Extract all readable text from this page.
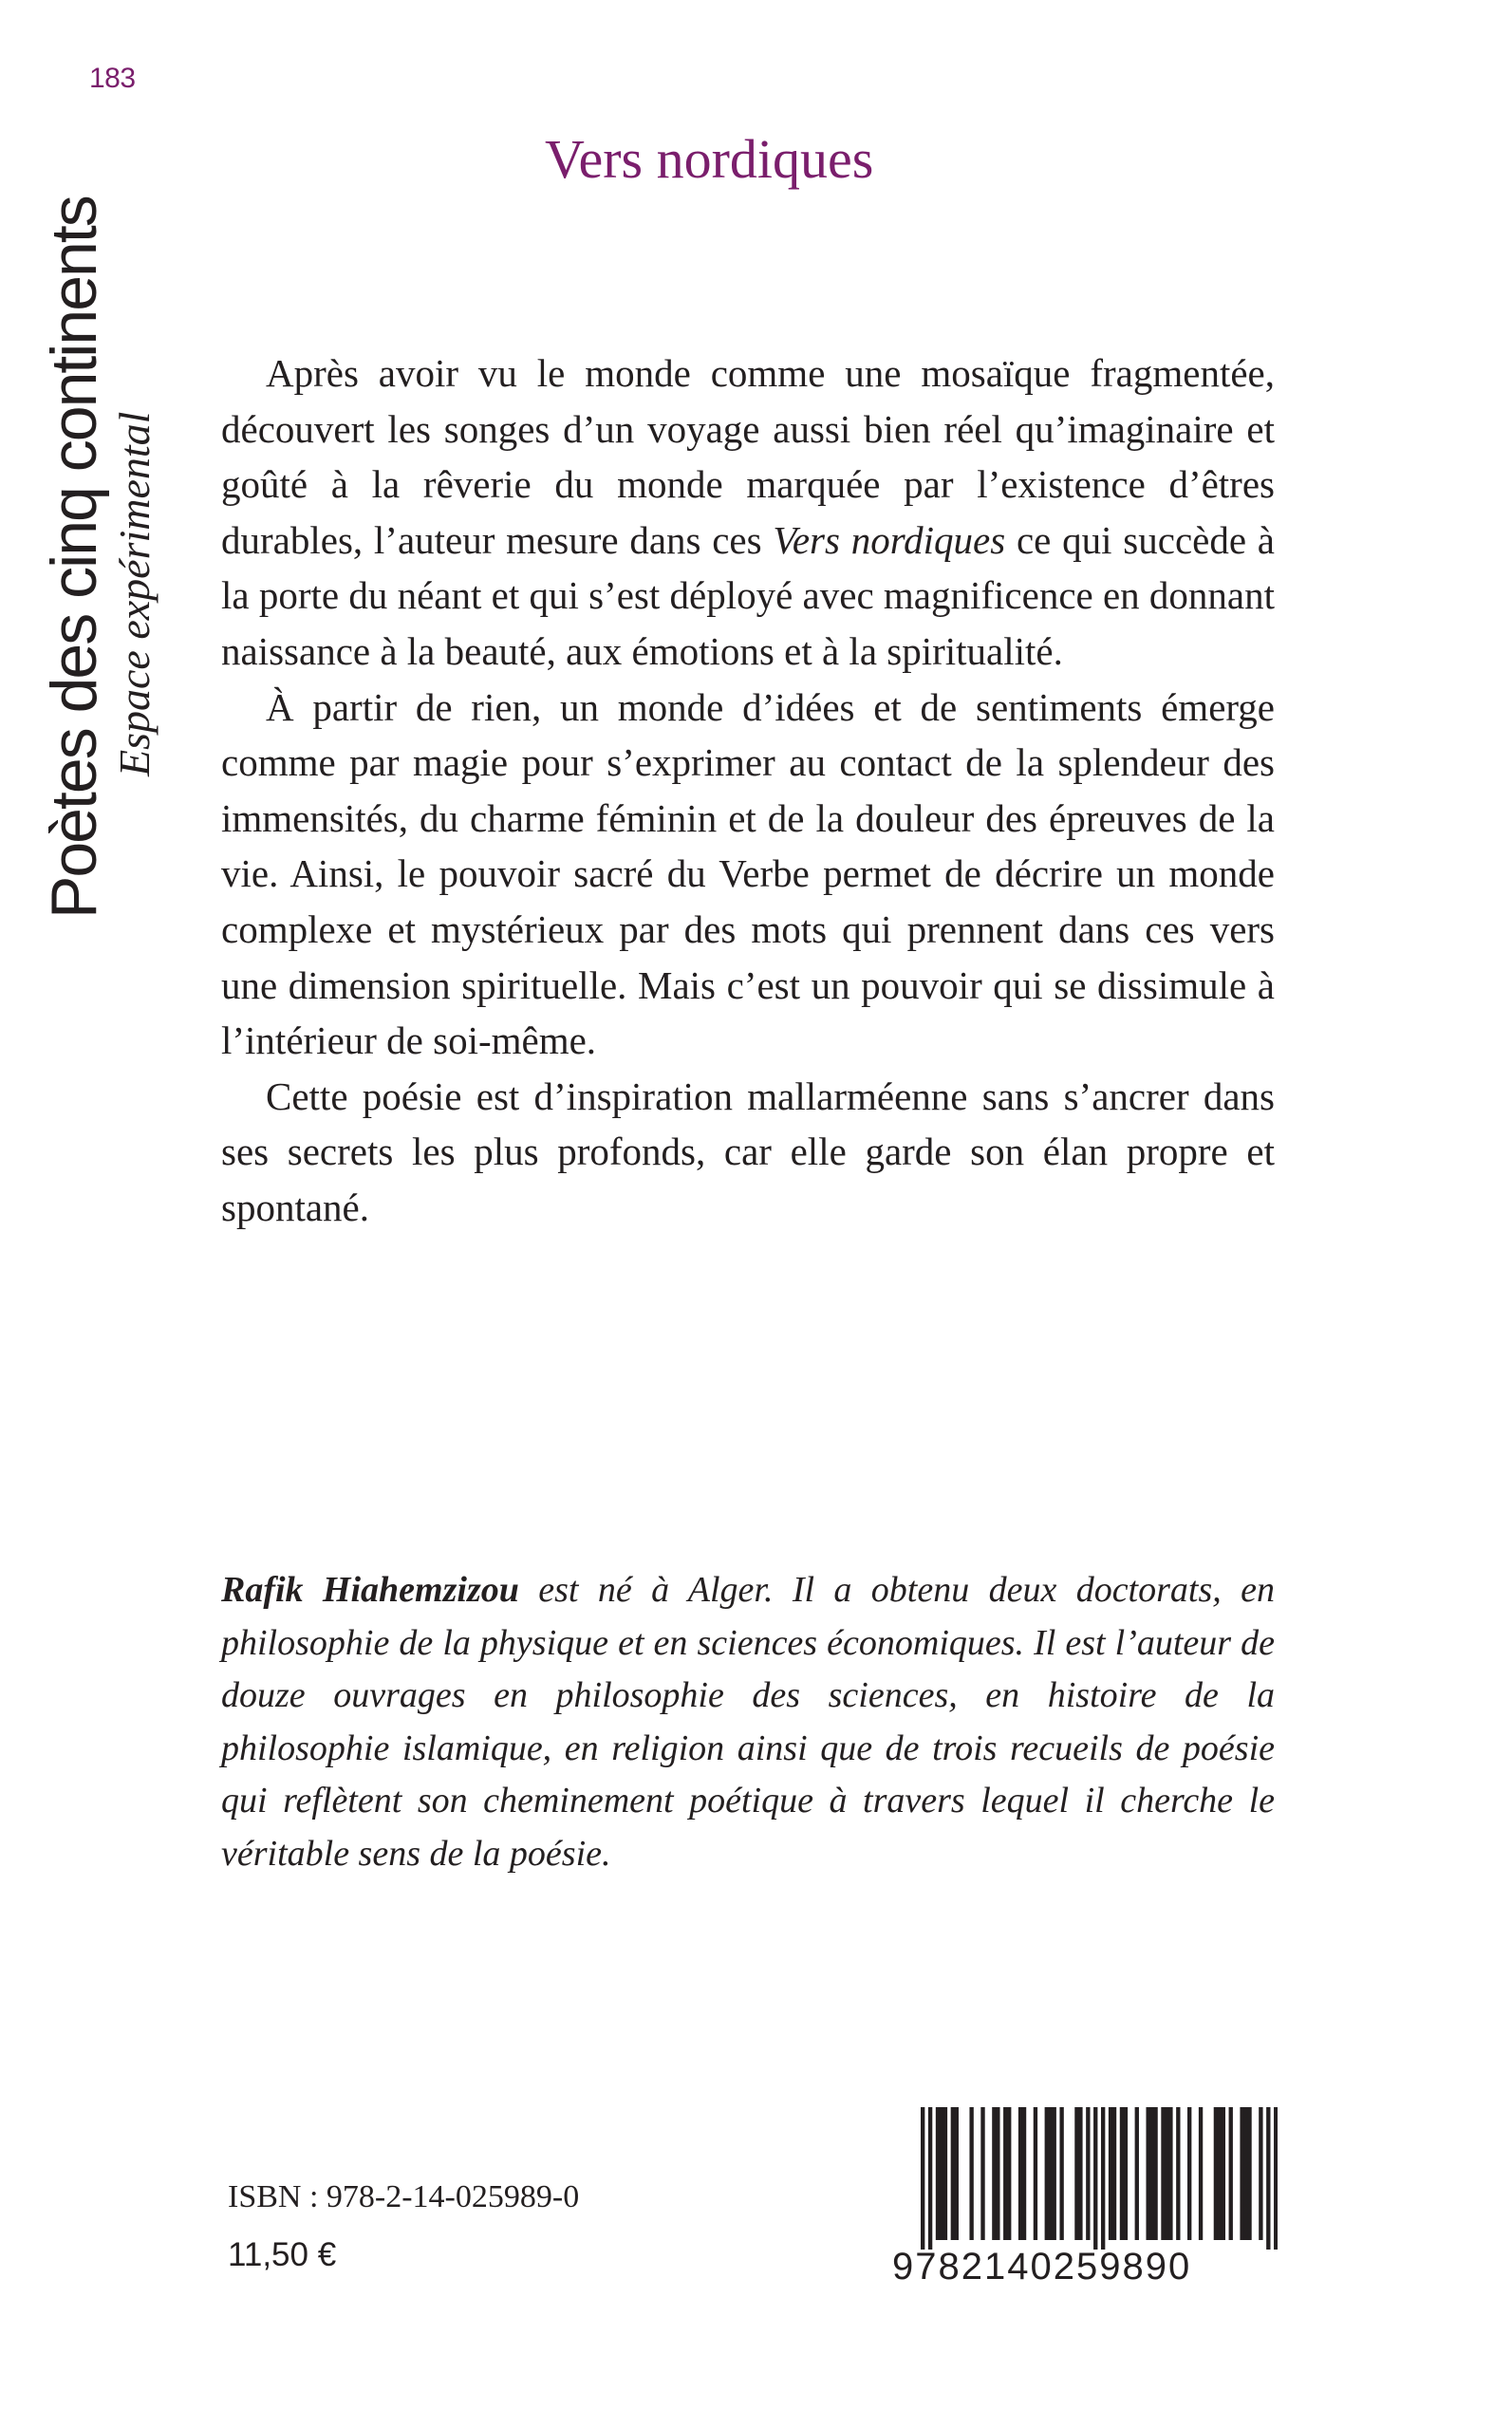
183
Poètes des cinq continents Espace expérimental
Vers nordiques

Après avoir vu le monde comme une mosaïque fragmentée, découvert les songes d’un voyage aussi bien réel qu’imaginaire et goûté à la rêverie du monde marquée par l’existence d’êtres durables, l’auteur mesure dans ces Vers nordiques ce qui succède à la porte du néant et qui s’est déployé avec magnificence en donnant naissance à la beauté, aux émotions et à la spiritualité.

À partir de rien, un monde d’idées et de sentiments émerge comme par magie pour s’exprimer au contact de la splendeur des immensités, du charme féminin et de la douleur des épreuves de la vie. Ainsi, le pouvoir sacré du Verbe permet de décrire un monde complexe et mystérieux par des mots qui prennent dans ces vers une dimension spirituelle. Mais c’est un pouvoir qui se dissimule à l’intérieur de soi-même.

Cette poésie est d’inspiration mallarméenne sans s’ancrer dans ses secrets les plus profonds, car elle garde son élan propre et spontané.

Rafik Hiahemzizou est né à Alger. Il a obtenu deux doctorats, en philosophie de la physique et en sciences économiques. Il est l’auteur de douze ouvrages en philosophie des sciences, en histoire de la philosophie islamique, en religion ainsi que de trois recueils de poésie qui reflètent son cheminement poétique à travers lequel il cherche le véritable sens de la poésie.

ISBN : 978-2-14-025989-0
11,50 €	9782140259890
